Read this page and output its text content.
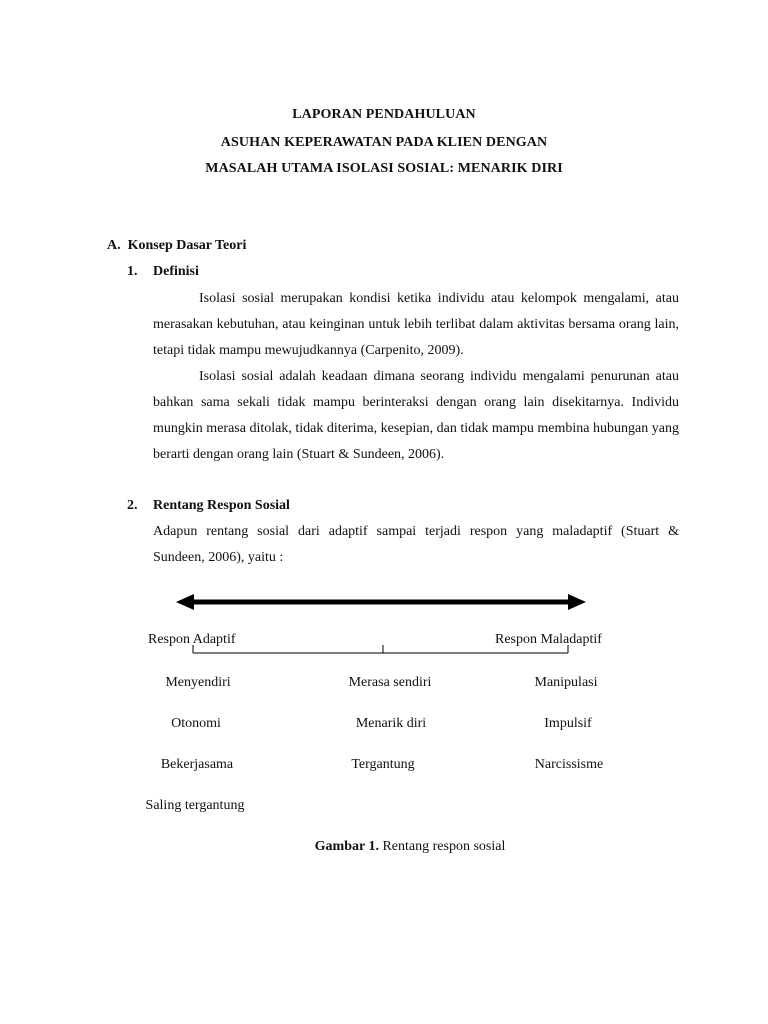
LAPORAN PENDAHULUAN
ASUHAN KEPERAWATAN PADA KLIEN DENGAN
MASALAH UTAMA ISOLASI SOSIAL: MENARIK DIRI
A.  Konsep Dasar Teori
1. Definisi

Isolasi sosial merupakan kondisi ketika individu atau kelompok mengalami, atau merasakan kebutuhan, atau keinginan untuk lebih terlibat dalam aktivitas bersama orang lain, tetapi tidak mampu mewujudkannya (Carpenito, 2009).

Isolasi sosial adalah keadaan dimana seorang individu mengalami penurunan atau bahkan sama sekali tidak mampu berinteraksi dengan orang lain disekitarnya. Individu mungkin merasa ditolak, tidak diterima, kesepian, dan tidak mampu membina hubungan yang berarti dengan orang lain (Stuart & Sundeen, 2006).

2. Rentang Respon Sosial
Adapun rentang sosial dari adaptif sampai terjadi respon yang maladaptif (Stuart &
Sundeen, 2006), yaitu :
Respon Adaptif	Respon Maladaptif
Menyendiri
Otonomi
Bekerjasama
Saling tergantung
Merasa sendiri
Menarik diri
Tergantung
Manipulasi
Impulsif
Narcissisme
Gambar 1. Rentang respon sosial
